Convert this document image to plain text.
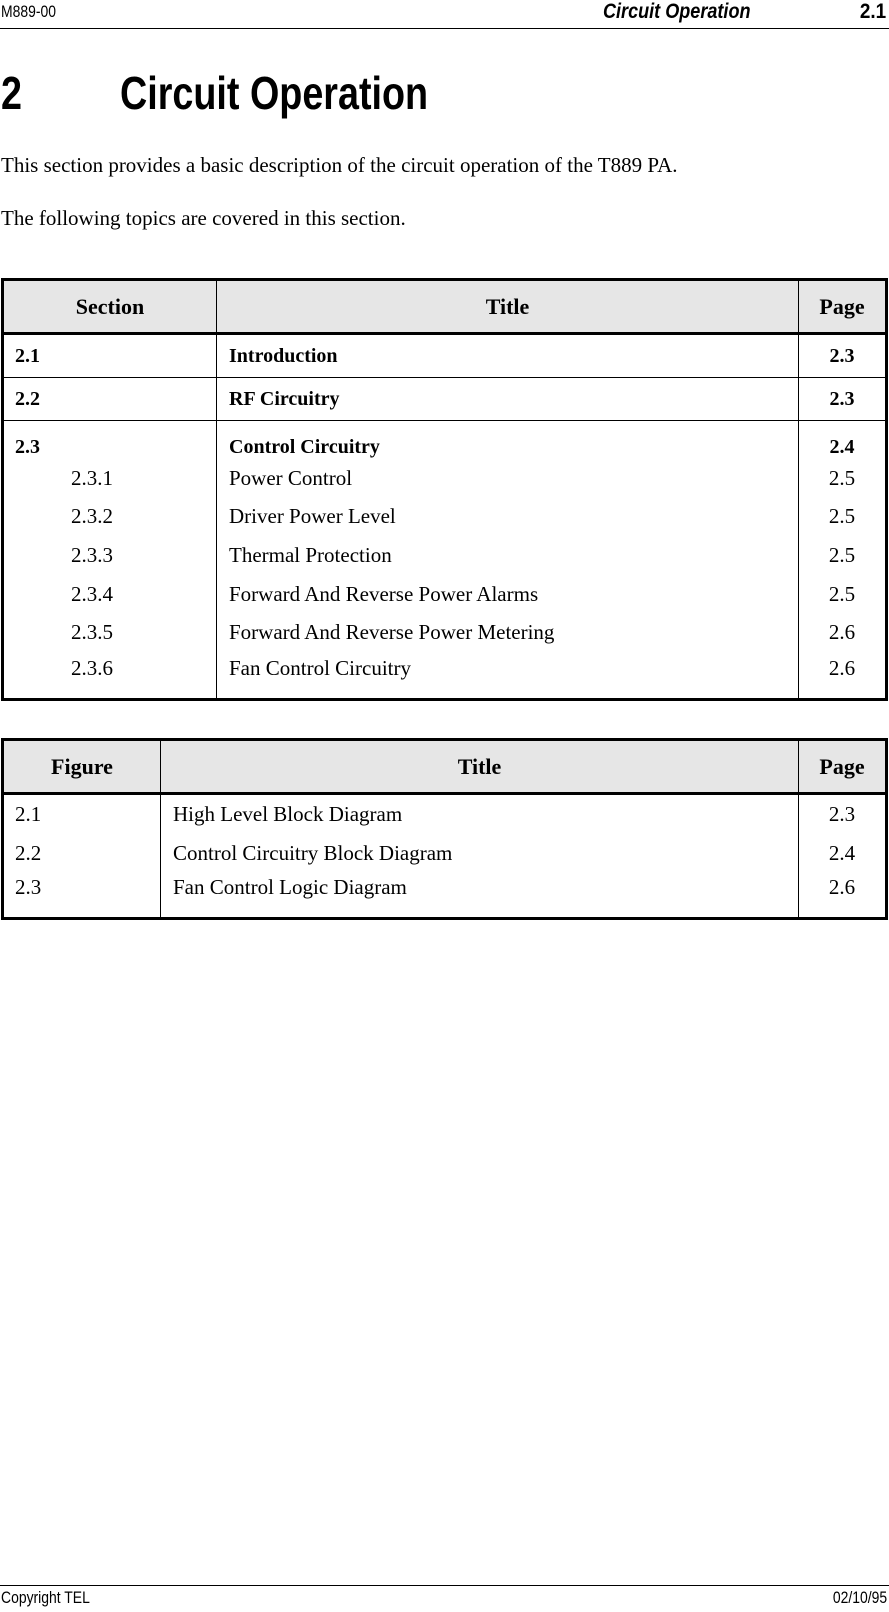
M889-00	Circuit Operation	2.1
2 Circuit Operation
This section provides a basic description of the circuit operation of the T889 PA.
The following topics are covered in this section.
Section	Title	Page
2.1	Introduction	2.3
2.2	RF Circuitry	2.3
2.3	Control Circuitry	2.4
2.3.1	Power Control	2.5
2.3.2	Driver Power Level	2.5
2.3.3	Thermal Protection	2.5
2.3.4	Forward And Reverse Power Alarms	2.5
2.3.5	Forward And Reverse Power Metering	2.6
2.3.6	Fan Control Circuitry	2.6
Figure	Title	Page
2.1	High Level Block Diagram	2.3
2.2	Control Circuitry Block Diagram	2.4
2.3	Fan Control Logic Diagram	2.6
Copyright TEL	02/10/95
